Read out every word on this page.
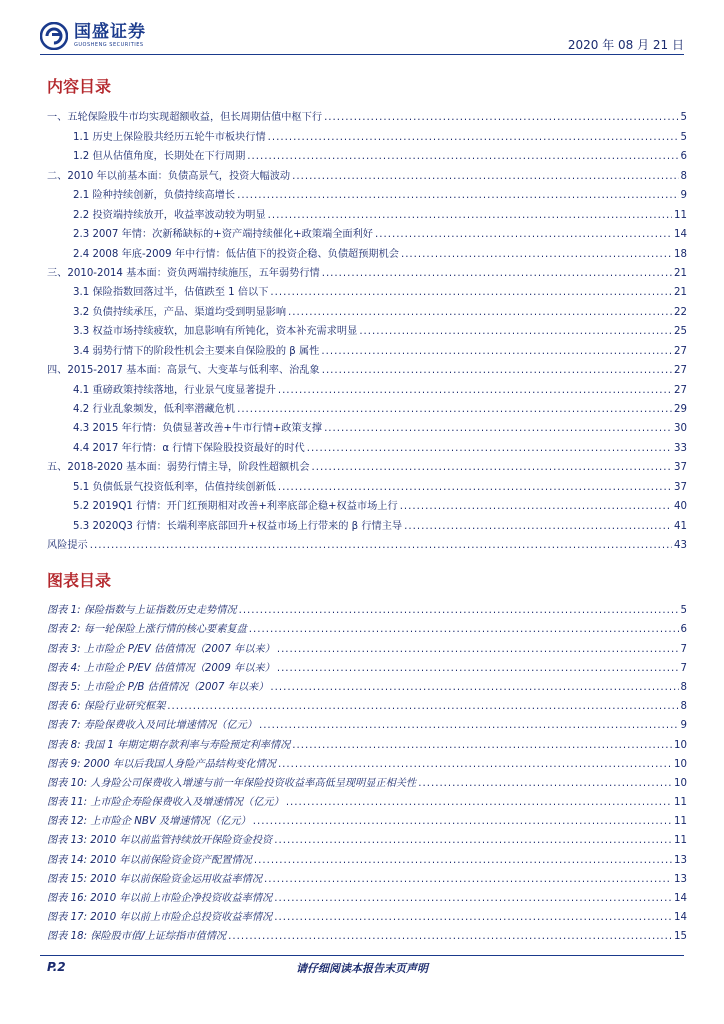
国盛证券
GUOSHENG SECURITIES	2020 年 08 月 21 日
内容目录
一、五轮保险股牛市均实现超额收益，但长周期估值中枢下行 .....	5
1.1 历史上保险股共经历五轮牛市板块行情 .....	5
1.2 但从估值角度，长期处在下行周期 .....	6
二、2010 年以前基本面：负债高景气，投资大幅波动 .....	8
2.1 险种持续创新，负债持续高增长 .....	9
2.2 投资端持续放开，收益率波动较为明显 .....	11
2.3 2007 年情：次新稀缺标的+资产端持续催化+政策端全面利好 .....	14
2.4 2008 年底-2009 年中行情：低估值下的投资企稳、负债超预期机会 .....	18
三、2010-2014 基本面：资负两端持续施压，五年弱势行情 .....	21
3.1 保险指数回落过半，估值跌至 1 倍以下 .....	21
3.2 负债持续承压，产品、渠道均受到明显影响 .....	22
3.3 权益市场持续疲软，加息影响有所钝化，资本补充需求明显 .....	25
3.4 弱势行情下的阶段性机会主要来自保险股的 β 属性 .....	27
四、2015-2017 基本面：高景气、大变革与低利率、治乱象 .....	27
4.1 重磅政策持续落地，行业景气度显著提升 .....	27
4.2 行业乱象频发，低利率潜藏危机 .....	29
4.3 2015 年行情：负债显著改善+牛市行情+政策支撑 .....	30
4.4 2017 年行情：α 行情下保险股投资最好的时代 .....	33
五、2018-2020 基本面：弱势行情主导，阶段性超额机会 .....	37
5.1 负债低景气投资低利率，估值持续创新低 .....	37
5.2 2019Q1 行情：开门红预期相对改善+利率底部企稳+权益市场上行 .....	40
5.3 2020Q3 行情：长端利率底部回升+权益市场上行带来的 β 行情主导 .....	41
风险提示 .....	43
图表目录
图表 1: 保险指数与上证指数历史走势情况 .....	5
图表 2: 每一轮保险上涨行情的核心要素复盘 .....	6
图表 3: 上市险企 P/EV 估值情况（2007 年以来） .....	7
图表 4: 上市险企 P/EV 估值情况（2009 年以来） .....	7
图表 5: 上市险企 P/B 估值情况（2007 年以来） .....	8
图表 6: 保险行业研究框架 .....	8
图表 7: 寿险保费收入及同比增速情况（亿元） .....	9
图表 8: 我国 1 年期定期存款利率与寿险预定利率情况 .....	10
图表 9: 2000 年以后我国人身险产品结构变化情况 .....	10
图表 10: 人身险公司保费收入增速与前一年保险投资收益率高低呈现明显正相关性 .....	10
图表 11: 上市险企寿险保费收入及增速情况（亿元） .....	11
图表 12: 上市险企 NBV 及增速情况（亿元） .....	11
图表 13: 2010 年以前监管持续放开保险资金投资 .....	11
图表 14: 2010 年以前保险资金资产配置情况 .....	13
图表 15: 2010 年以前保险资金运用收益率情况 .....	13
图表 16: 2010 年以前上市险企净投资收益率情况 .....	14
图表 17: 2010 年以前上市险企总投资收益率情况 .....	14
图表 18: 保险股市值/上证综指市值情况 .....	15
P.2	请仔细阅读本报告末页声明
